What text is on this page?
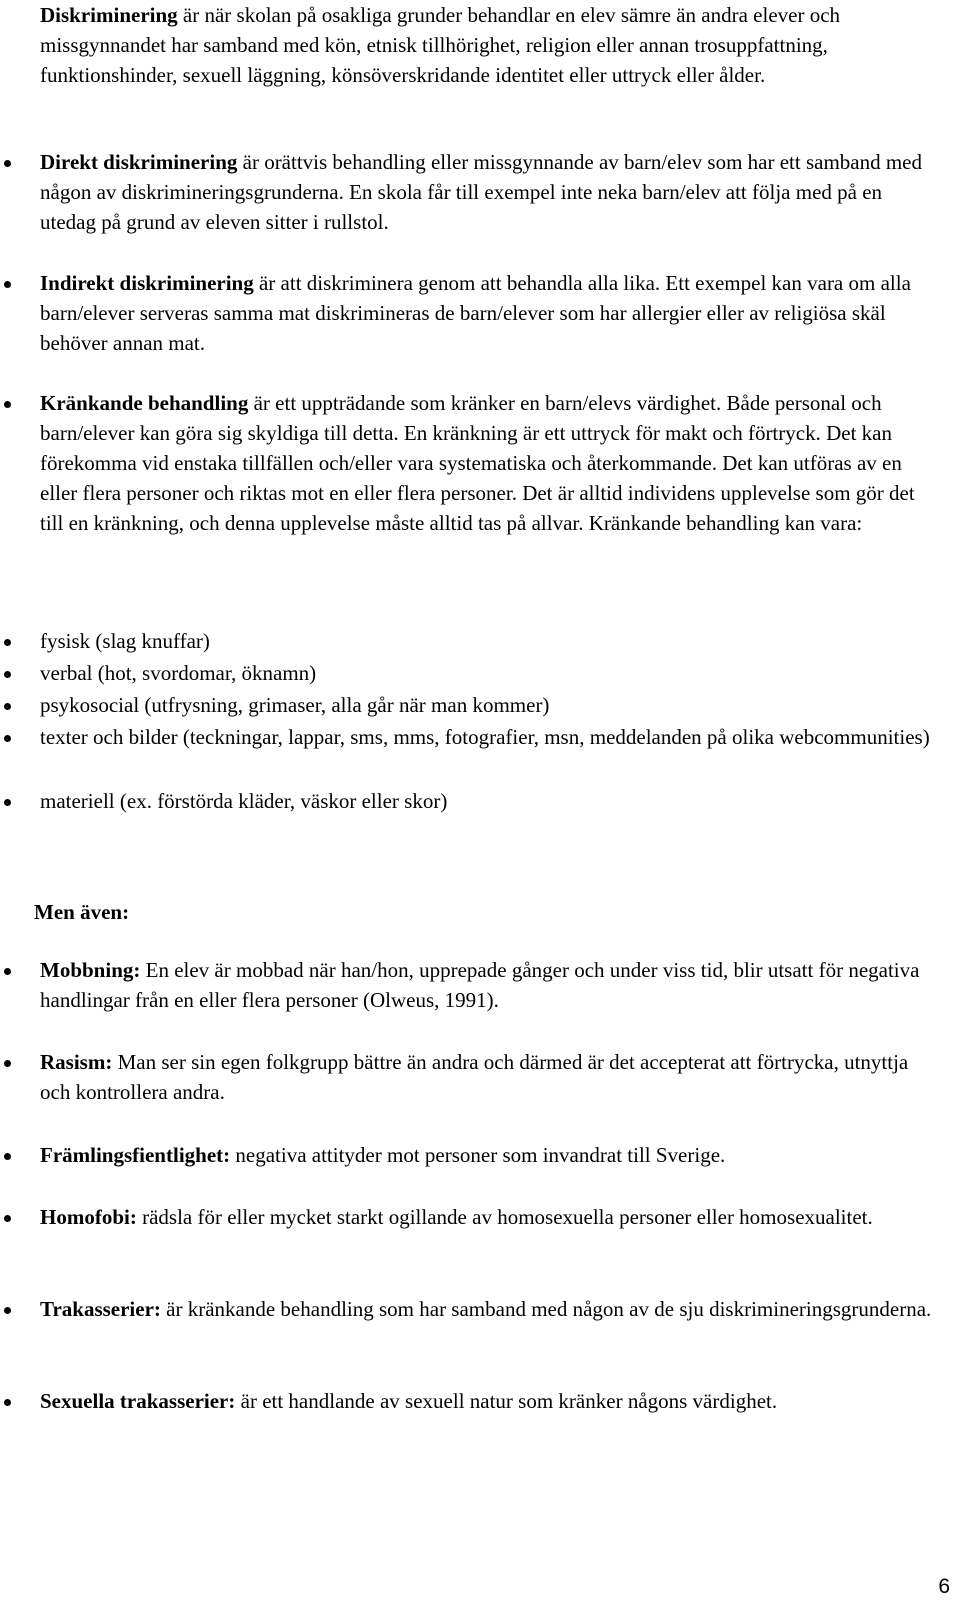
Diskriminering är när skolan på osakliga grunder behandlar en elev sämre än andra elever och missgynnandet har samband med kön, etnisk tillhörighet, religion eller annan trosuppfattning, funktionshinder, sexuell läggning, könsöverskridande identitet eller uttryck eller ålder.

Direkt diskriminering är orättvis behandling eller missgynnande av barn/elev som har ett samband med någon av diskrimineringsgrunderna. En skola får till exempel inte neka barn/elev att följa med på en utedag på grund av eleven sitter i rullstol.

Indirekt diskriminering är att diskriminera genom att behandla alla lika. Ett exempel kan vara om alla barn/elever serveras samma mat diskrimineras de barn/elever som har allergier eller av religiösa skäl behöver annan mat.

Kränkande behandling är ett uppträdande som kränker en barn/elevs värdighet. Både personal och barn/elever kan göra sig skyldiga till detta. En kränkning är ett uttryck för makt och förtryck. Det kan förekomma vid enstaka tillfällen och/eller vara systematiska och återkommande. Det kan utföras av en eller flera personer och riktas mot en eller flera personer. Det är alltid individens upplevelse som gör det till en kränkning, och denna upplevelse måste alltid tas på allvar. Kränkande behandling kan vara:

fysisk (slag knuffar)

verbal (hot, svordomar, öknamn)

psykosocial (utfrysning, grimaser, alla går när man kommer)

texter och bilder (teckningar, lappar, sms, mms, fotografier, msn, meddelanden på olika webcommunities)

materiell (ex. förstörda kläder, väskor eller skor)

Men även:

Mobbning: En elev är mobbad när han/hon, upprepade gånger och under viss tid, blir utsatt för negativa handlingar från en eller flera personer (Olweus, 1991).

Rasism: Man ser sin egen folkgrupp bättre än andra och därmed är det accepterat att förtrycka, utnyttja och kontrollera andra.

Främlingsfientlighet: negativa attityder mot personer som invandrat till Sverige.

Homofobi: rädsla för eller mycket starkt ogillande av homosexuella personer eller homosexualitet.

Trakasserier: är kränkande behandling som har samband med någon av de sju diskrimineringsgrunderna.

Sexuella trakasserier: är ett handlande av sexuell natur som kränker någons värdighet.

6
